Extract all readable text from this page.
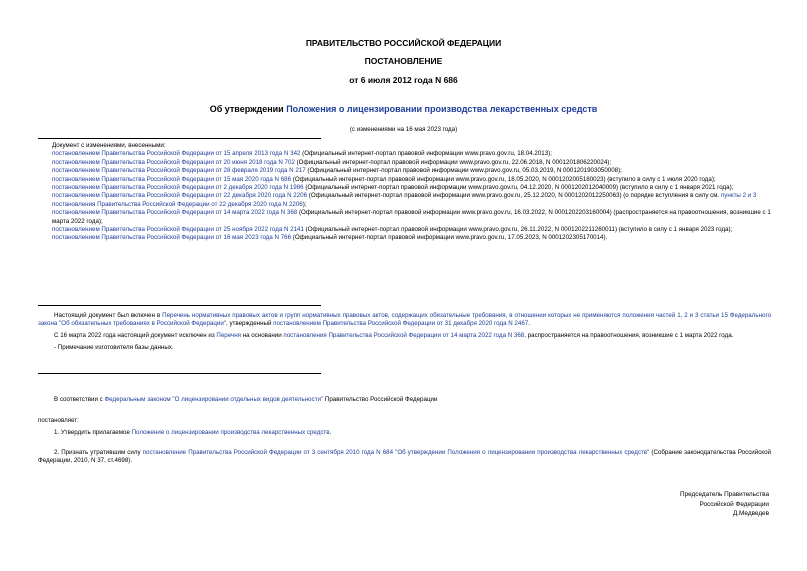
ПРАВИТЕЛЬСТВО РОССИЙСКОЙ ФЕДЕРАЦИИ
ПОСТАНОВЛЕНИЕ
от 6 июля 2012 года N 686
Об утверждении Положения о лицензировании производства лекарственных средств
(с изменениями на 16 мая 2023 года)

Документ с изменениями, внесенными:

постановлением Правительства Российской Федерации от 15 апреля 2013 года N 342 (Официальный интернет-портал правовой информации www.pravo.gov.ru, 18.04.2013);

постановлением Правительства Российской Федерации от 20 июня 2018 года N 702 (Официальный интернет-портал правовой информации www.pravo.gov.ru, 22.06.2018, N 0001201806220024);

постановлением Правительства Российской Федерации от 28 февраля 2019 года N 217 (Официальный интернет-портал правовой информации www.pravo.gov.ru, 05.03.2019, N 0001201903050008);

постановлением Правительства Российской Федерации от 15 мая 2020 года N 686 (Официальный интернет-портал правовой информации www.pravo.gov.ru, 18.05.2020, N 0001202005180023) (вступило в силу с 1 июля 2020 года);

постановлением Правительства Российской Федерации от 2 декабря 2020 года N 1986 (Официальный интернет-портал правовой информации www.pravo.gov.ru, 04.12.2020, N 0001202012040009) (вступило в силу с 1 января 2021 года);

постановлением Правительства Российской Федерации от 22 декабря 2020 года N 2206 (Официальный интернет-портал правовой информации www.pravo.gov.ru, 25.12.2020, N 0001202012250063) (о порядке вступления в силу см. пункты 2 и 3 постановления Правительства Российской Федерации от 22 декабря 2020 года N 2206);

постановлением Правительства Российской Федерации от 14 марта 2022 года N 368 (Официальный интернет-портал правовой информации www.pravo.gov.ru, 16.03.2022, N 0001202203160004) (распространяется на правоотношения, возникшие с 1 марта 2022 года);

постановлением Правительства Российской Федерации от 25 ноября 2022 года N 2141 (Официальный интернет-портал правовой информации www.pravo.gov.ru, 26.11.2022, N 0001202211260011) (вступило в силу с 1 января 2023 года);

постановлением Правительства Российской Федерации от 16 мая 2023 года N 766 (Официальный интернет-портал правовой информации www.pravo.gov.ru, 17.05.2023, N 0001202305170014).

Настоящий документ был включен в Перечень нормативных правовых актов и групп нормативных правовых актов, содержащих обязательные требования, в отношении которых не применяются положения частей 1, 2 и 3 статьи 15 Федерального закона "Об обязательных требованиях в Российской Федерации", утвержденный постановлением Правительства Российской Федерации от 31 декабря 2020 года N 2467.

С 16 марта 2022 года настоящий документ исключен из Перечня на основании постановления Правительства Российской Федерации от 14 марта 2022 года N 368, распространяется на правоотношения, возникшие с 1 марта 2022 года.

- Примечание изготовителя базы данных.

В соответствии с Федеральным законом "О лицензировании отдельных видов деятельности" Правительство Российской Федерации

постановляет:

1. Утвердить прилагаемое Положение о лицензировании производства лекарственных средств.

2. Признать утратившим силу постановление Правительства Российской Федерации от 3 сентября 2010 года N 684 "Об утверждении Положения о лицензировании производства лекарственных средств" (Собрание законодательства Российской Федерации, 2010, N 37, ст.4698).

Председатель Правительства
Российской Федерации
Д.Медведев
